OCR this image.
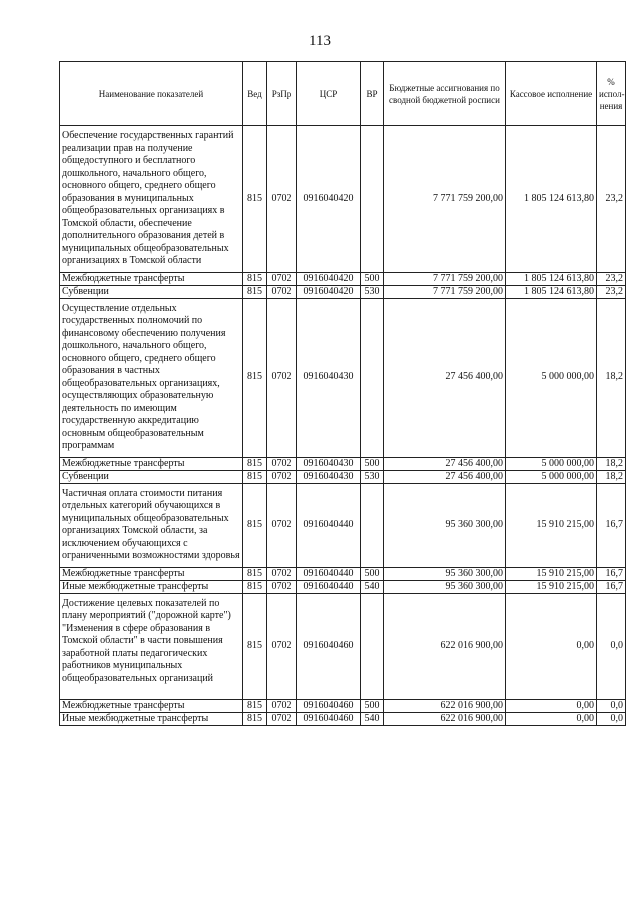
113
Наименование показателей	Вед	РзПр	ЦСР	ВР	Бюджетные ассигнования по сводной бюджетной росписи	Кассовое исполнение	% испол-нения
Обеспечение государственных гарантий реализации прав на получение общедоступного и бесплатного дошкольного, начального общего, основного общего, среднего общего образования в муниципальных общеобразовательных организациях в Томской области, обеспечение дополнительного образования детей в муниципальных общеобразовательных организациях в Томской области	815	0702	0916040420		7 771 759 200,00	1 805 124 613,80	23,2
Межбюджетные трансферты	815	0702	0916040420	500	7 771 759 200,00	1 805 124 613,80	23,2
Субвенции	815	0702	0916040420	530	7 771 759 200,00	1 805 124 613,80	23,2
Осуществление отдельных государственных полномочий по финансовому обеспечению получения дошкольного, начального общего, основного общего, среднего общего образования в частных общеобразовательных организациях, осуществляющих образовательную деятельность по имеющим государственную аккредитацию основным общеобразовательным программам	815	0702	0916040430		27 456 400,00	5 000 000,00	18,2
Межбюджетные трансферты	815	0702	0916040430	500	27 456 400,00	5 000 000,00	18,2
Субвенции	815	0702	0916040430	530	27 456 400,00	5 000 000,00	18,2
Частичная оплата стоимости питания отдельных категорий обучающихся в муниципальных общеобразовательных организациях Томской области, за исключением обучающихся с ограниченными возможностями здоровья	815	0702	0916040440		95 360 300,00	15 910 215,00	16,7
Межбюджетные трансферты	815	0702	0916040440	500	95 360 300,00	15 910 215,00	16,7
Иные межбюджетные трансферты	815	0702	0916040440	540	95 360 300,00	15 910 215,00	16,7

Достижение целевых показателей по плану мероприятий ("дорожной карте") "Изменения в сфере образования в Томской области" в части повышения заработной платы педагогических работников муниципальных общеобразовательных организаций	815	0702	0916040460		622 016 900,00	0,00	0,0
Межбюджетные трансферты	815	0702	0916040460	500	622 016 900,00	0,00	0,0
Иные межбюджетные трансферты	815	0702	0916040460	540	622 016 900,00	0,00	0,0
